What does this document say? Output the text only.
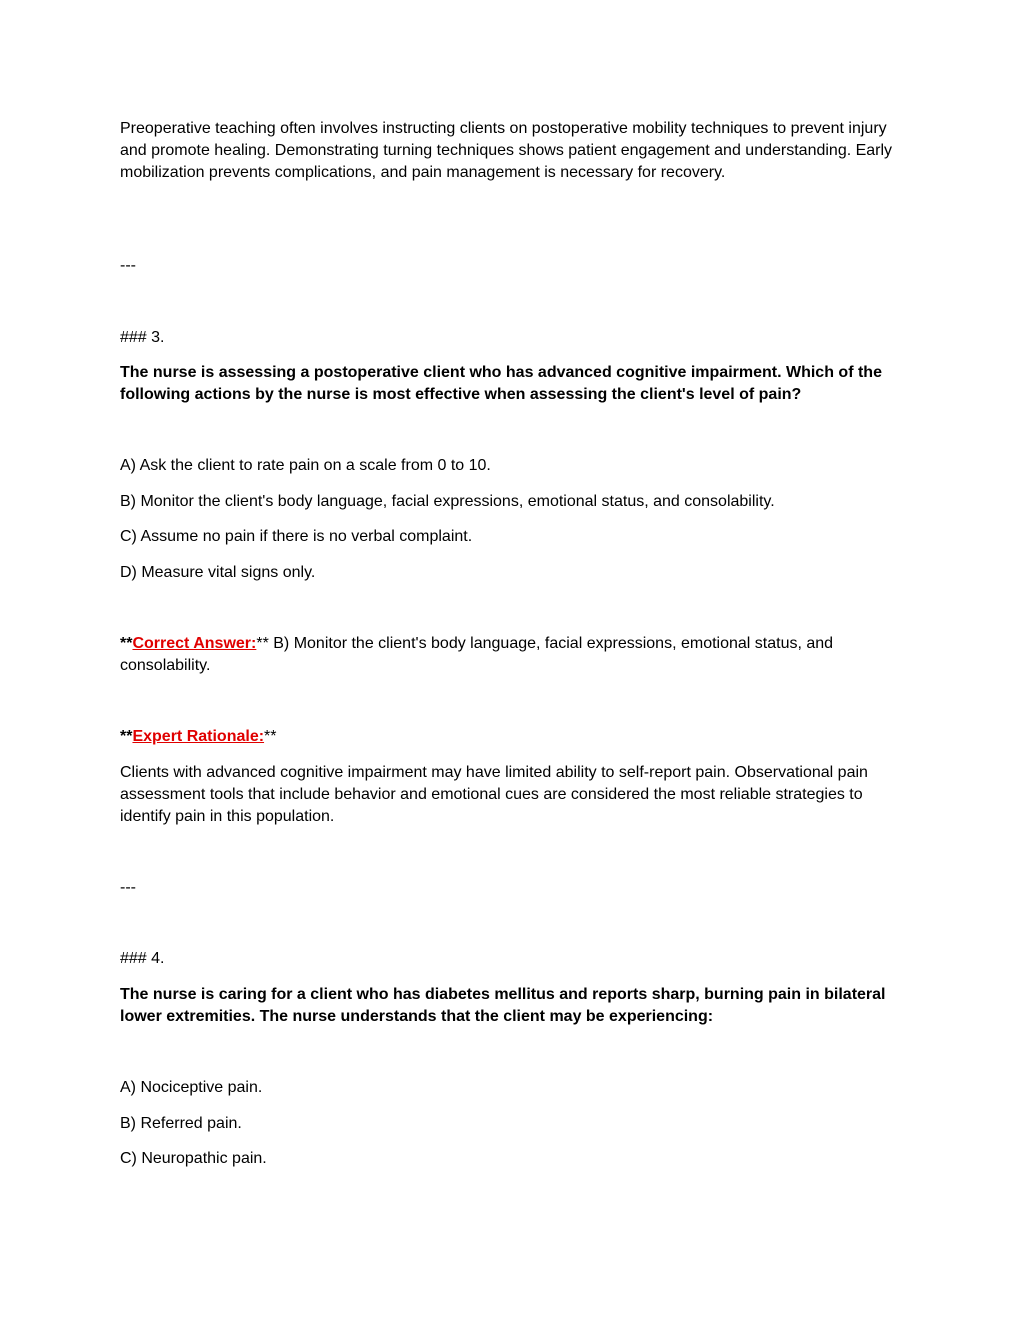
Preoperative teaching often involves instructing clients on postoperative mobility techniques to prevent injury and promote healing. Demonstrating turning techniques shows patient engagement and understanding. Early mobilization prevents complications, and pain management is necessary for recovery.

---

### 3.

The nurse is assessing a postoperative client who has advanced cognitive impairment. Which of the following actions by the nurse is most effective when assessing the client's level of pain?

A) Ask the client to rate pain on a scale from 0 to 10.

B) Monitor the client's body language, facial expressions, emotional status, and consolability.

C) Assume no pain if there is no verbal complaint.

D) Measure vital signs only.

**Correct Answer:** B) Monitor the client's body language, facial expressions, emotional status, and consolability.

**Expert Rationale:**

Clients with advanced cognitive impairment may have limited ability to self-report pain. Observational pain assessment tools that include behavior and emotional cues are considered the most reliable strategies to identify pain in this population.

---

### 4.

The nurse is caring for a client who has diabetes mellitus and reports sharp, burning pain in bilateral lower extremities. The nurse understands that the client may be experiencing:

A) Nociceptive pain.

B) Referred pain.

C) Neuropathic pain.
